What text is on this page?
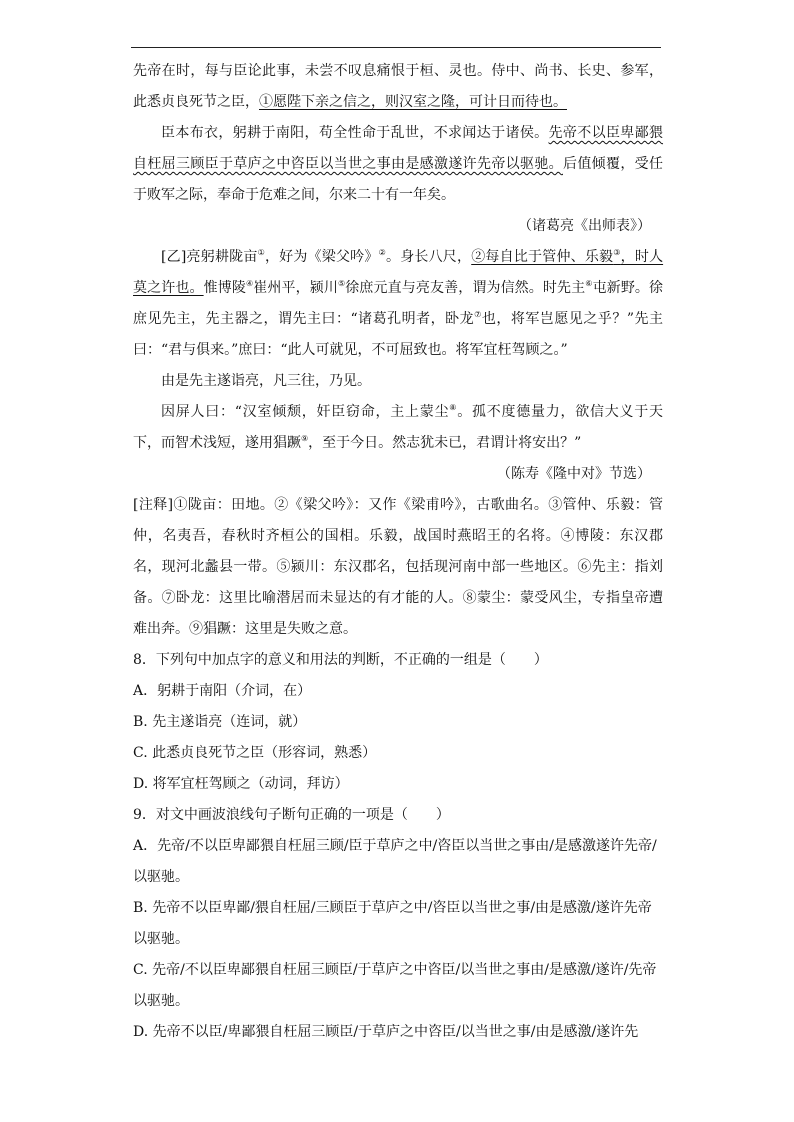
先帝在时，每与臣论此事，未尝不叹息痛恨于桓、灵也。侍中、尚书、长史、参军，此悉贞良死节之臣，①愿陛下亲之信之，则汉室之隆，可计日而待也。

臣本布衣，躬耕于南阳，苟全性命于乱世，不求闻达于诸侯。先帝不以臣卑鄙猥自枉屈三顾臣于草庐之中咨臣以当世之事由是感激遂许先帝以驱驰。后值倾覆，受任于败军之际，奉命于危难之间，尔来二十有一年矣。

（诸葛亮《出师表》）

[乙]亮躬耕陇亩①，好为《梁父吟》②。身长八尺，②每自比于管仲、乐毅③，时人莫之许也。惟博陵④崔州平，颍川⑤徐庶元直与亮友善，谓为信然。时先主⑥屯新野。徐庶见先主，先主器之，谓先主曰：“诸葛孔明者，卧龙⑦也，将军岂愿见之乎？”先主曰：“君与俱来。”庶曰：“此人可就见，不可屈致也。将军宜枉驾顾之。”

由是先主遂诣亮，凡三往，乃见。

因屏人曰：“汉室倾颓，奸臣窃命，主上蒙尘⑧。孤不度德量力，欲信大义于天下，而智术浅短，遂用猖蹶⑨，至于今日。然志犹未已，君谓计将安出？”

（陈寿《隆中对》节选）

[注释]①陇亩：田地。②《梁父吟》：又作《梁甫吟》，古歌曲名。③管仲、乐毅：管仲，名夷吾，春秋时齐桓公的国相。乐毅，战国时燕昭王的名将。④博陵：东汉郡名，现河北蠡县一带。⑤颍川：东汉郡名，包括现河南中部一些地区。⑥先主：指刘备。⑦卧龙：这里比喻潜居而未显达的有才能的人。⑧蒙尘：蒙受风尘，专指皇帝遭难出奔。⑨猖蹶：这里是失败之意。

8．下列句中加点字的意义和用法的判断，不正确的一组是（　　）

A．躬耕于南阳（介词，在）

B. 先主遂诣亮（连词，就）

C. 此悉贞良死节之臣（形容词，熟悉）

D. 将军宜枉驾顾之（动词，拜访）

9．对文中画波浪线句子断句正确的一项是（　　）

A．先帝/不以臣卑鄙猥自枉屈三顾/臣于草庐之中/咨臣以当世之事由/是感激遂许先帝/以驱驰。

B. 先帝不以臣卑鄙/猥自枉屈/三顾臣于草庐之中/咨臣以当世之事/由是感激/遂许先帝以驱驰。

C. 先帝/不以臣卑鄙猥自枉屈三顾臣/于草庐之中咨臣/以当世之事由/是感激/遂许/先帝以驱驰。

D. 先帝不以臣/卑鄙猥自枉屈三顾臣/于草庐之中咨臣/以当世之事/由是感激/遂许先
